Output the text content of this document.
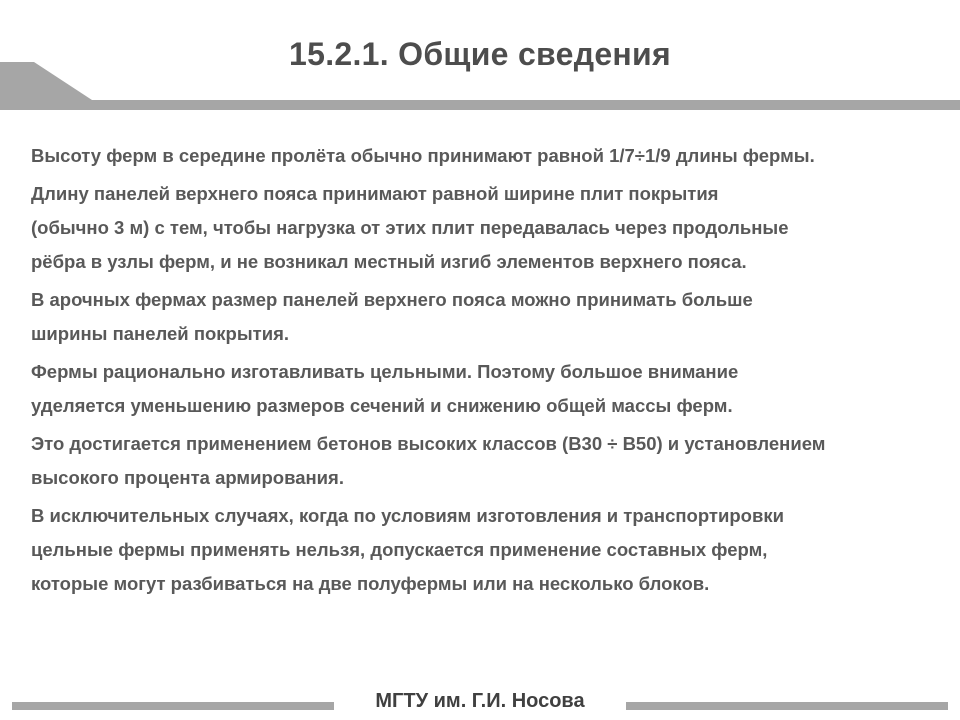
15.2.1. Общие сведения

Высоту ферм в середине пролёта обычно принимают равной 1/7÷1/9 длины фермы.

Длину панелей верхнего пояса принимают равной ширине плит покрытия
(обычно 3 м) с тем, чтобы нагрузка от этих плит передавалась через продольные
рёбра в узлы ферм, и не возникал местный изгиб элементов верхнего пояса.

В арочных фермах размер панелей верхнего пояса можно принимать больше
ширины панелей покрытия.

Фермы рационально изготавливать цельными. Поэтому большое внимание
уделяется уменьшению размеров сечений и снижению общей массы ферм.

Это достигается применением бетонов высоких классов (В30 ÷ В50) и установлением
высокого процента армирования.

В исключительных случаях, когда по условиям изготовления и транспортировки
цельные фермы применять нельзя, допускается применение составных ферм,
которые могут разбиваться на две полуфермы или на несколько блоков.

МГТУ им. Г.И. Носова
